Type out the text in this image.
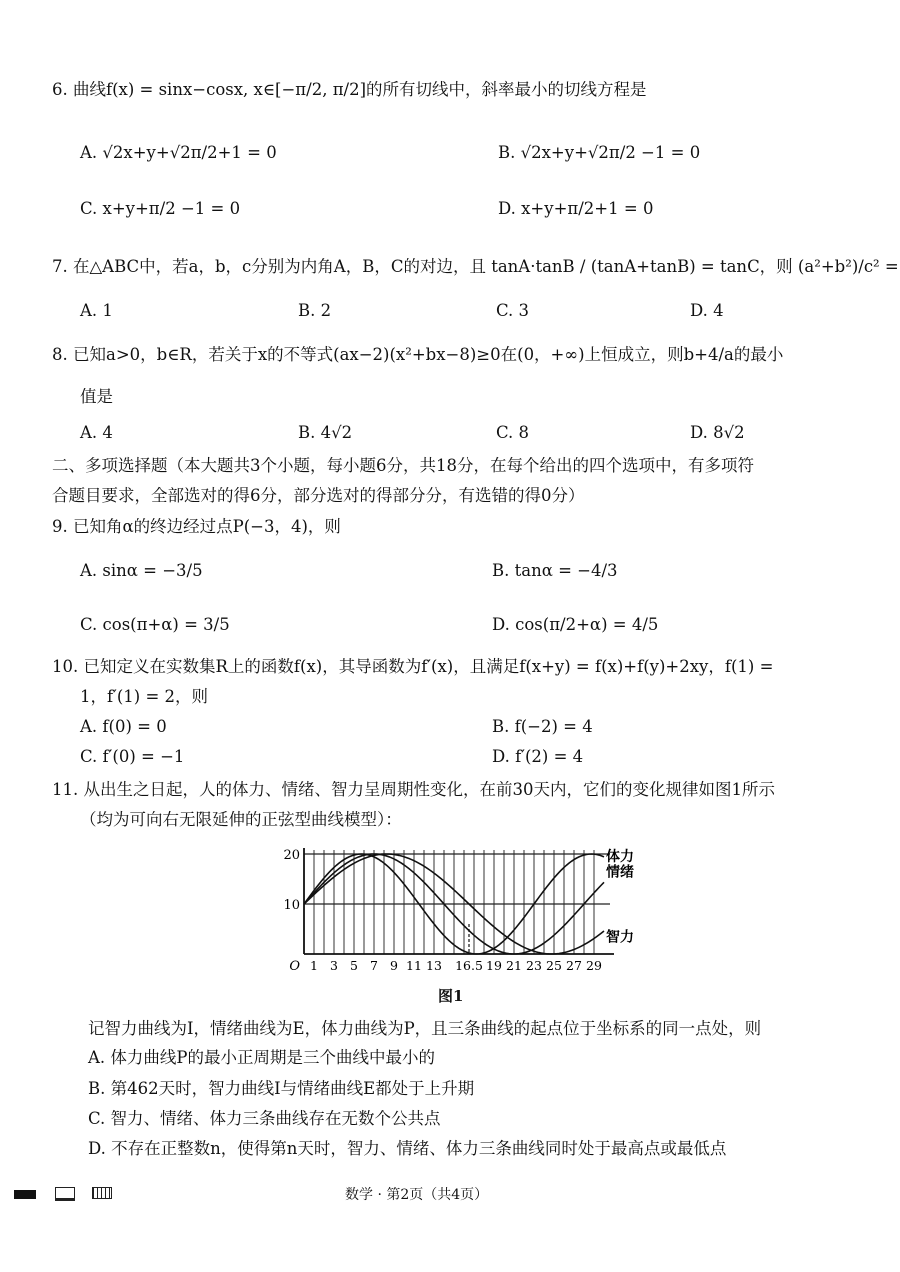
6. 曲线f(x) = sinx−cosx, x∈[−π/2, π/2]的所有切线中，斜率最小的切线方程是
A. √2x+y+√2π/2+1 = 0	B. √2x+y+√2π/2 −1 = 0
C. x+y+π/2 −1 = 0	D. x+y+π/2+1 = 0
7. 在△ABC中，若a，b，c分别为内角A，B，C的对边，且 tanA·tanB / (tanA+tanB) = tanC，则 (a²+b²)/c² =
A. 1	B. 2	C. 3	D. 4
8. 已知a>0，b∈R，若关于x的不等式(ax−2)(x²+bx−8)≥0在(0，+∞)上恒成立，则b+4/a的最小
值是
A. 4	B. 4√2	C. 8	D. 8√2
二、多项选择题（本大题共3个小题，每小题6分，共18分，在每个给出的四个选项中，有多项符
合题目要求，全部选对的得6分，部分选对的得部分分，有选错的得0分）
9. 已知角α的终边经过点P(−3，4)，则
A. sinα = −3/5	B. tanα = −4/3
C. cos(π+α) = 3/5	D. cos(π/2+α) = 4/5
10. 已知定义在实数集R上的函数f(x)，其导函数为f′(x)，且满足f(x+y) = f(x)+f(y)+2xy，f(1) =
1，f′(1) = 2，则
A. f(0) = 0	B. f(−2) = 4
C. f′(0) = −1	D. f′(2) = 4
11. 从出生之日起，人的体力、情绪、智力呈周期性变化，在前30天内，它们的变化规律如图1所示
（均为可向右无限延伸的正弦型曲线模型）：
10
20
O 1 3 5 7 9 11 13 16.5 19 21 23 25 27 29
体力
情绪
智力
图1
记智力曲线为I，情绪曲线为E，体力曲线为P，且三条曲线的起点位于坐标系的同一点处，则
A. 体力曲线P的最小正周期是三个曲线中最小的
B. 第462天时，智力曲线I与情绪曲线E都处于上升期
C. 智力、情绪、体力三条曲线存在无数个公共点
D. 不存在正整数n，使得第n天时，智力、情绪、体力三条曲线同时处于最高点或最低点
数学 · 第2页（共4页）
